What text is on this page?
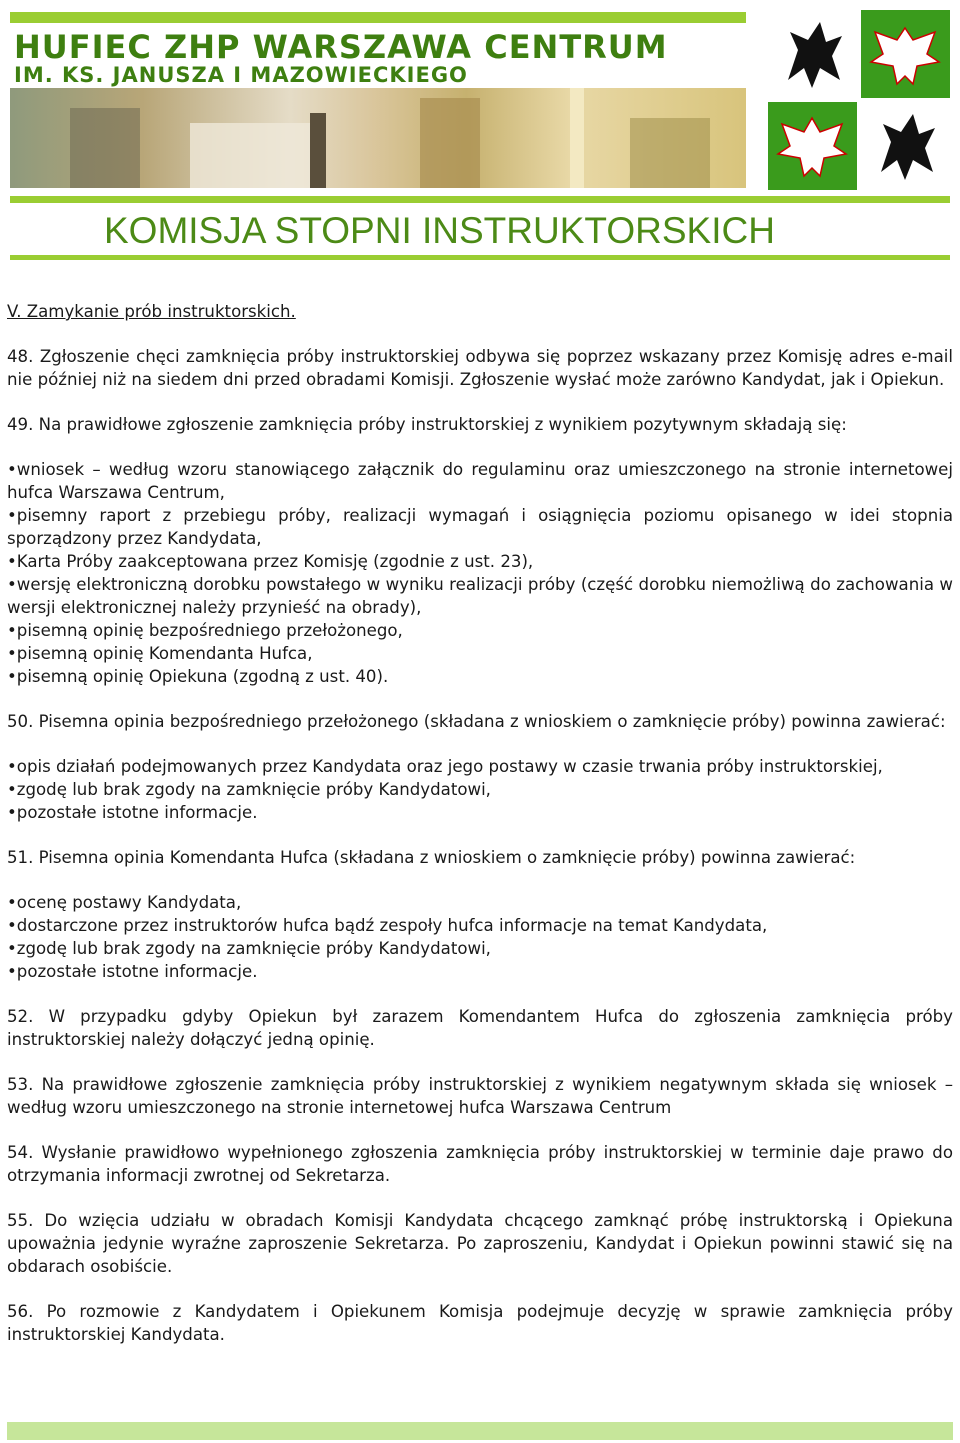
HUFIEC ZHP WARSZAWA CENTRUM
IM. KS. JANUSZA I MAZOWIECKIEGO
KOMISJA STOPNI INSTRUKTORSKICH

V. Zamykanie prób instruktorskich.

48. Zgłoszenie chęci zamknięcia próby instruktorskiej odbywa się poprzez wskazany przez Komisję adres e-mail nie później niż na siedem dni przed obradami Komisji. Zgłoszenie wysłać może zarówno Kandydat, jak i Opiekun.

49. Na prawidłowe zgłoszenie zamknięcia próby instruktorskiej z wynikiem pozytywnym składają się:

•wniosek – według wzoru stanowiącego załącznik do regulaminu oraz umieszczonego na stronie internetowej hufca Warszawa Centrum,
•pisemny raport z przebiegu próby, realizacji wymagań i osiągnięcia poziomu opisanego w idei stopnia sporządzony przez Kandydata,
•Karta Próby zaakceptowana przez Komisję (zgodnie z ust. 23),
•wersję elektroniczną dorobku powstałego w wyniku realizacji próby (część dorobku niemożliwą do zachowania w wersji elektronicznej należy przynieść na obrady),
•pisemną opinię bezpośredniego przełożonego,
•pisemną opinię Komendanta Hufca,
•pisemną opinię Opiekuna (zgodną z ust. 40).

50. Pisemna opinia bezpośredniego przełożonego (składana z wnioskiem o zamknięcie próby) powinna zawierać:

•opis działań podejmowanych przez Kandydata oraz jego postawy w czasie trwania próby instruktorskiej,
•zgodę lub brak zgody na zamknięcie próby Kandydatowi,
•pozostałe istotne informacje.

51. Pisemna opinia Komendanta Hufca (składana z wnioskiem o zamknięcie próby) powinna zawierać:

•ocenę postawy Kandydata,
•dostarczone przez instruktorów hufca bądź zespoły hufca informacje na temat Kandydata,
•zgodę lub brak zgody na zamknięcie próby Kandydatowi,
•pozostałe istotne informacje.

52. W przypadku gdyby Opiekun był zarazem Komendantem Hufca do zgłoszenia zamknięcia próby instruktorskiej należy dołączyć jedną opinię.

53. Na prawidłowe zgłoszenie zamknięcia próby instruktorskiej z wynikiem negatywnym składa się wniosek – według wzoru umieszczonego na stronie internetowej hufca Warszawa Centrum

54. Wysłanie prawidłowo wypełnionego zgłoszenia zamknięcia próby instruktorskiej w terminie daje prawo do otrzymania informacji zwrotnej od Sekretarza.

55. Do wzięcia udziału w obradach Komisji Kandydata chcącego zamknąć próbę instruktorską i Opiekuna upoważnia jedynie wyraźne zaproszenie Sekretarza. Po zaproszeniu, Kandydat i Opiekun powinni stawić się na obdarach osobiście.

56. Po rozmowie z Kandydatem i Opiekunem Komisja podejmuje decyzję w sprawie zamknięcia próby instruktorskiej Kandydata.
